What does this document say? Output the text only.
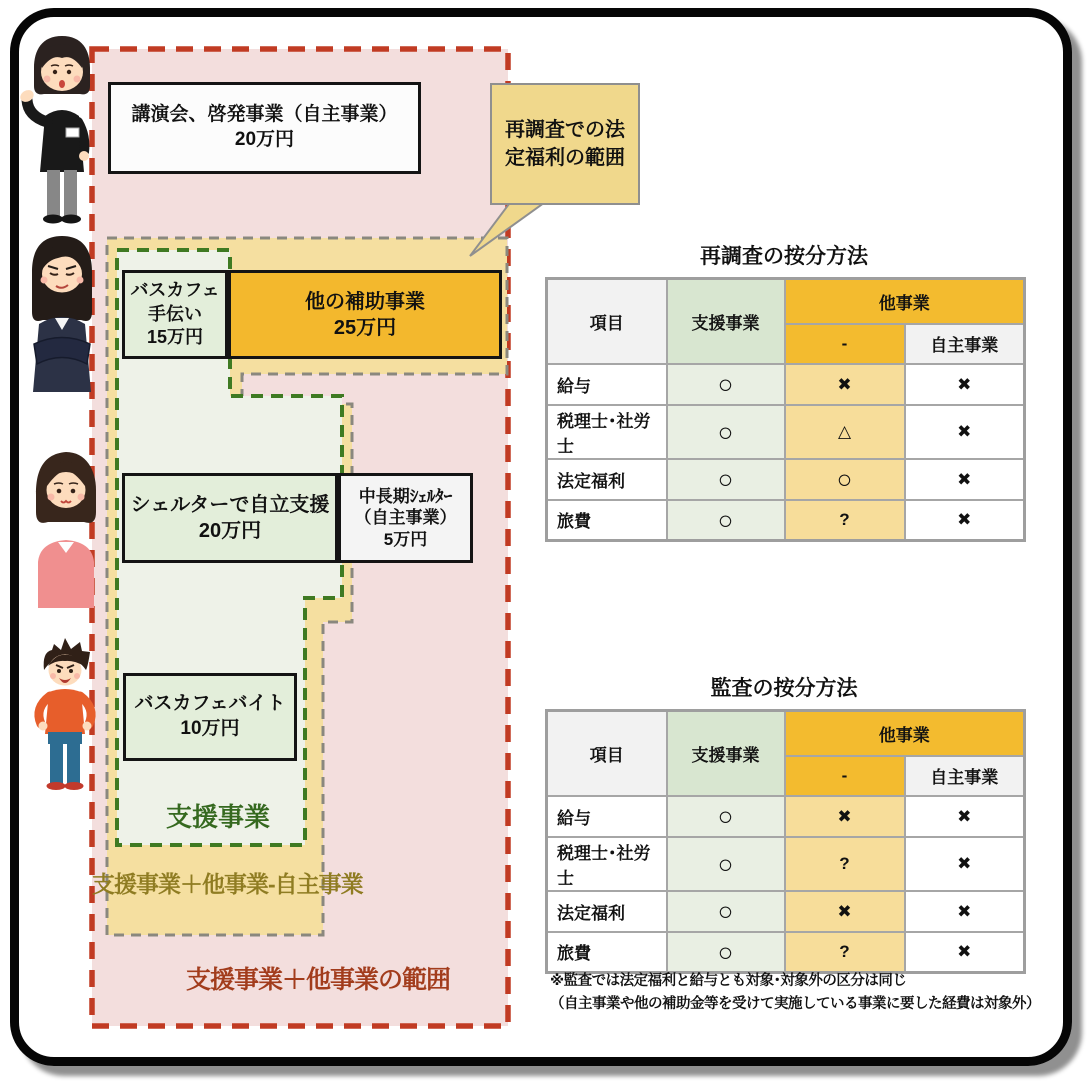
講演会、啓発事業（自主事業）
20万円
バスカフェ
手伝い
15万円
他の補助事業
25万円
シェルターで自立支援
20万円
中長期ｼｪﾙﾀｰ
（自主事業）
5万円
バスカフェバイト
10万円
再調査での法定福利の範囲
支援事業
支援事業＋他事業-自主事業
支援事業＋他事業の範囲
再調査の按分方法
項目	支援事業	他事業	
		-	自主事業
給与	○	✖	✖
税理士･社労士	○	△	✖
法定福利	○	○	✖
旅費	○	?	✖
監査の按分方法
項目	支援事業	他事業	
		-	自主事業
給与	○	✖	✖
税理士･社労士	○	?	✖
法定福利	○	✖	✖
旅費	○	?	✖
※監査では法定福利と給与とも対象･対象外の区分は同じ
（自主事業や他の補助金等を受けて実施している事業に要した経費は対象外）
